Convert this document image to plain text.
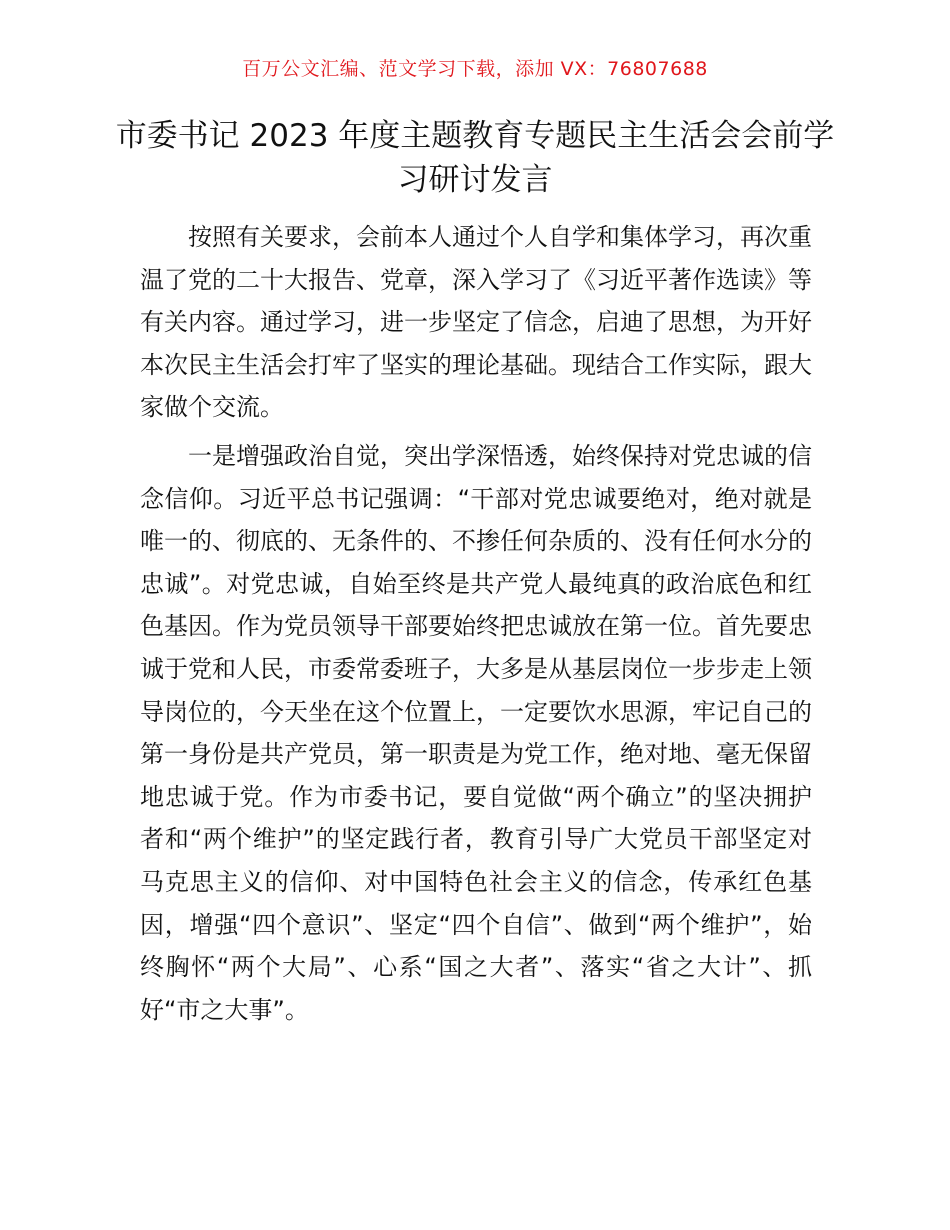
百万公文汇编、范文学习下载，添加 VX：76807688
市委书记 2023 年度主题教育专题民主生活会会前学习研讨发言

按照有关要求，会前本人通过个人自学和集体学习，再次重温了党的二十大报告、党章，深入学习了《习近平著作选读》等有关内容。通过学习，进一步坚定了信念，启迪了思想，为开好本次民主生活会打牢了坚实的理论基础。现结合工作实际，跟大家做个交流。

一是增强政治自觉，突出学深悟透，始终保持对党忠诚的信念信仰。习近平总书记强调：“干部对党忠诚要绝对，绝对就是唯一的、彻底的、无条件的、不掺任何杂质的、没有任何水分的忠诚”。对党忠诚，自始至终是共产党人最纯真的政治底色和红色基因。作为党员领导干部要始终把忠诚放在第一位。首先要忠诚于党和人民，市委常委班子，大多是从基层岗位一步步走上领导岗位的，今天坐在这个位置上，一定要饮水思源，牢记自己的第一身份是共产党员，第一职责是为党工作，绝对地、毫无保留地忠诚于党。作为市委书记，要自觉做“两个确立”的坚决拥护者和“两个维护”的坚定践行者，教育引导广大党员干部坚定对马克思主义的信仰、对中国特色社会主义的信念，传承红色基因，增强“四个意识”、坚定“四个自信”、做到“两个维护”，始终胸怀“两个大局”、心系“国之大者”、落实“省之大计”、抓好“市之大事”。
